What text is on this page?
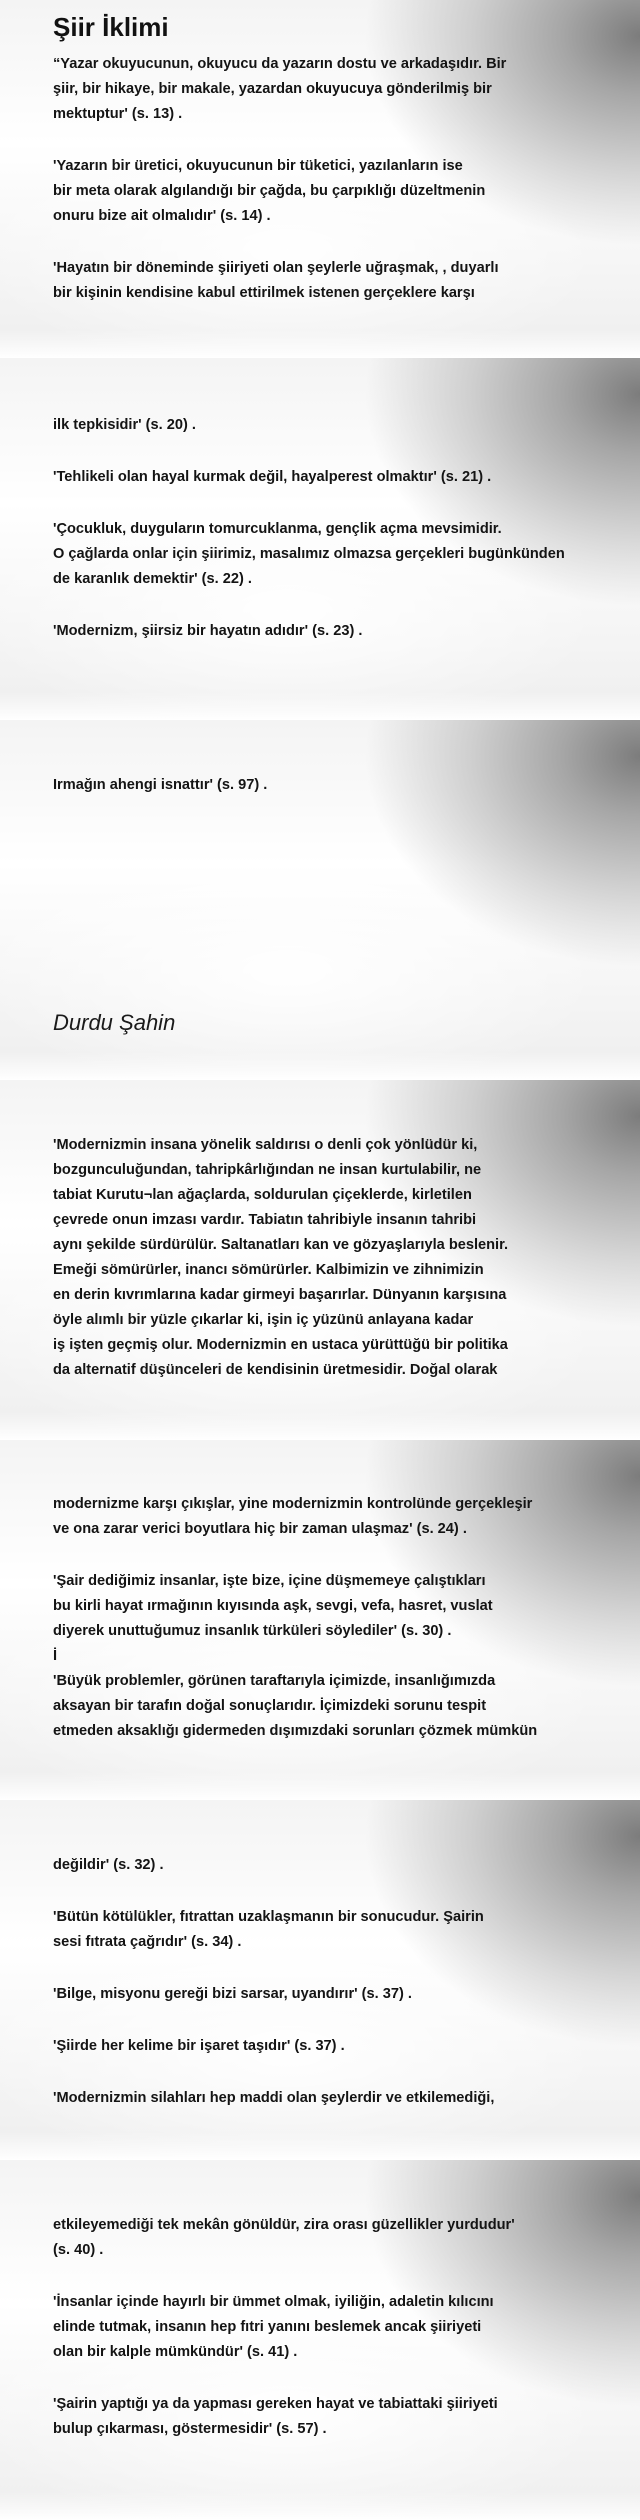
Şiir İklimi

“Yazar okuyucunun, okuyucu da yazarın dostu ve arkadaşıdır. Bir
şiir, bir hikaye, bir makale, yazardan okuyucuya gönderilmiş bir
mektuptur' (s. 13) .

'Yazarın bir üretici, okuyucunun bir tüketici, yazılanların ise
bir meta olarak algılandığı bir çağda, bu çarpıklığı düzeltmenin
onuru bize ait olmalıdır' (s. 14) .

'Hayatın bir döneminde şiiriyeti olan şeylerle uğraşmak, , duyarlı
bir kişinin kendisine kabul ettirilmek istenen gerçeklere karşı

ilk tepkisidir' (s. 20) .

'Tehlikeli olan hayal kurmak değil, hayalperest olmaktır' (s. 21) .

'Çocukluk, duyguların tomurcuklanma, gençlik açma mevsimidir.
O çağlarda onlar için şiirimiz, masalımız olmazsa gerçekleri bugünkünden
de karanlık demektir' (s. 22) .

'Modernizm, şiirsiz bir hayatın adıdır' (s. 23) .

Irmağın ahengi isnattır' (s. 97) .

Durdu Şahin

'Modernizmin insana yönelik saldırısı o denli çok yönlüdür ki,
bozgunculuğundan, tahripkârlığından ne insan kurtulabilir, ne
tabiat Kurutu¬lan ağaçlarda, soldurulan çiçeklerde, kirletilen
çevrede onun imzası vardır. Tabiatın tahribiyle insanın tahribi
aynı şekilde sürdürülür. Saltanatları kan ve gözyaşlarıyla beslenir.
Emeği sömürürler, inancı sömürürler. Kalbimizin ve zihnimizin
en derin kıvrımlarına kadar girmeyi başarırlar. Dünyanın karşısına
öyle alımlı bir yüzle çıkarlar ki, işin iç yüzünü anlayana kadar
iş işten geçmiş olur. Modernizmin en ustaca yürüttüğü bir politika
da alternatif düşünceleri de kendisinin üretmesidir. Doğal olarak

modernizme karşı çıkışlar, yine modernizmin kontrolünde gerçekleşir
ve ona zarar verici boyutlara hiç bir zaman ulaşmaz' (s. 24) .

'Şair dediğimiz insanlar, işte bize, içine düşmemeye çalıştıkları
bu kirli hayat ırmağının kıyısında aşk, sevgi, vefa, hasret, vuslat
diyerek unuttuğumuz insanlık türküleri söylediler' (s. 30) .
İ
'Büyük problemler, görünen taraftarıyla içimizde, insanlığımızda
aksayan bir tarafın doğal sonuçlarıdır. İçimizdeki sorunu tespit
etmeden aksaklığı gidermeden dışımızdaki sorunları çözmek mümkün

değildir' (s. 32) .

'Bütün kötülükler, fıtrattan uzaklaşmanın bir sonucudur. Şairin
sesi fıtrata çağrıdır' (s. 34) .

'Bilge, misyonu gereği bizi sarsar, uyandırır' (s. 37) .

'Şiirde her kelime bir işaret taşıdır' (s. 37) .

'Modernizmin silahları hep maddi olan şeylerdir ve etkilemediği,

etkileyemediği tek mekân gönüldür, zira orası güzellikler yurdudur'
(s. 40) .

'İnsanlar içinde hayırlı bir ümmet olmak, iyiliğin, adaletin kılıcını
elinde tutmak, insanın hep fıtri yanını beslemek ancak şiiriyeti
olan bir kalple mümkündür' (s. 41) .

'Şairin yaptığı ya da yapması gereken hayat ve tabiattaki şiiriyeti
bulup çıkarması, göstermesidir' (s. 57) .
